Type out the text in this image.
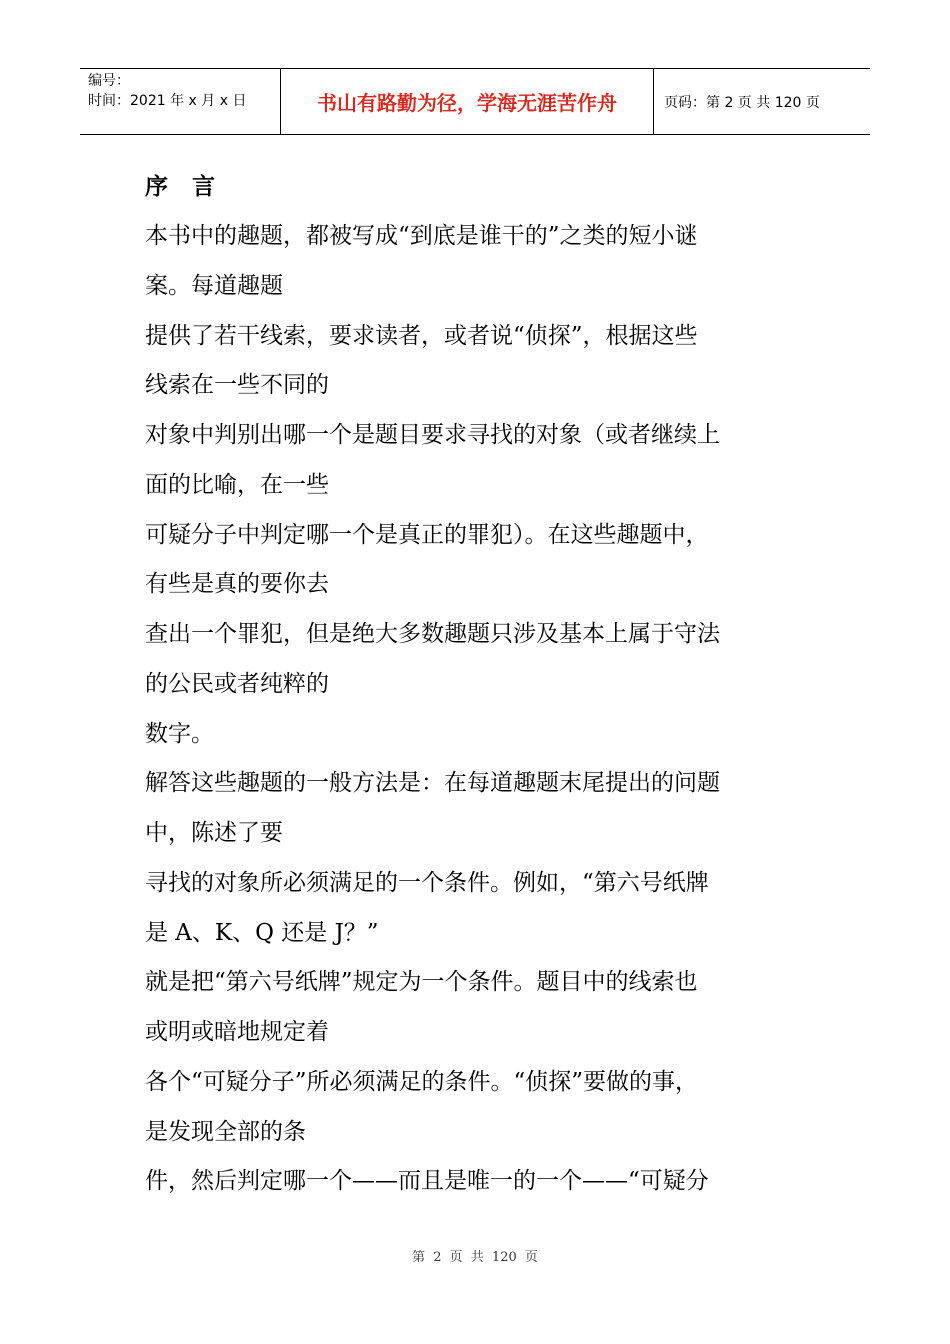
编号：
时间：2021 年 x 月 x 日	书山有路勤为径，学海无涯苦作舟	页码：第 2 页 共 120 页
序 言
本书中的趣题，都被写成“到底是谁干的”之类的短小谜
案。每道趣题
提供了若干线索，要求读者，或者说“侦探”，根据这些
线索在一些不同的
对象中判别出哪一个是题目要求寻找的对象（或者继续上
面的比喻，在一些
可疑分子中判定哪一个是真正的罪犯）。在这些趣题中，
有些是真的要你去
查出一个罪犯，但是绝大多数趣题只涉及基本上属于守法
的公民或者纯粹的
数字。
解答这些趣题的一般方法是：在每道趣题末尾提出的问题
中，陈述了要
寻找的对象所必须满足的一个条件。例如，“第六号纸牌
是 A、K、Q 还是 J？”
就是把“第六号纸牌”规定为一个条件。题目中的线索也
或明或暗地规定着
各个“可疑分子”所必须满足的条件。“侦探”要做的事，
是发现全部的条
件，然后判定哪一个——而且是唯一的一个——“可疑分
第 2 页 共 120 页
